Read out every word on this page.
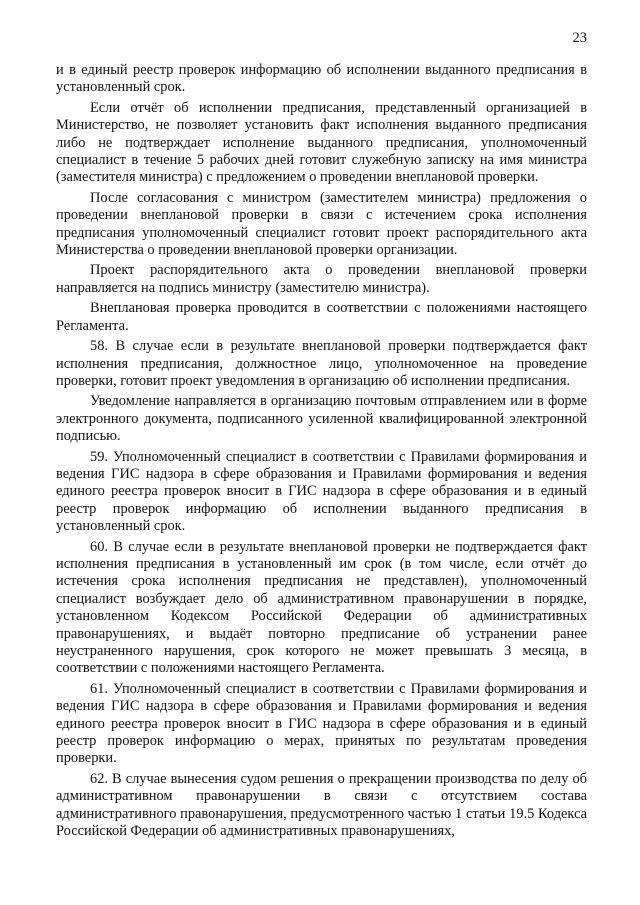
23

и в единый реестр проверок информацию об исполнении выданного предписания в установленный срок.

Если отчёт об исполнении предписания, представленный организацией в Министерство, не позволяет установить факт исполнения выданного предписания либо не подтверждает исполнение выданного предписания, уполномоченный специалист в течение 5 рабочих дней готовит служебную записку на имя министра (заместителя министра) с предложением о проведении внеплановой проверки.

После согласования с министром (заместителем министра) предложения о проведении внеплановой проверки в связи с истечением срока исполнения предписания уполномоченный специалист готовит проект распорядительного акта Министерства о проведении внеплановой проверки организации.

Проект распорядительного акта о проведении внеплановой проверки направляется на подпись министру (заместителю министра).

Внеплановая проверка проводится в соответствии с положениями настоящего Регламента.

58. В случае если в результате внеплановой проверки подтверждается факт исполнения предписания, должностное лицо, уполномоченное на проведение проверки, готовит проект уведомления в организацию об исполнении предписания.

Уведомление направляется в организацию почтовым отправлением или в форме электронного документа, подписанного усиленной квалифицированной электронной подписью.

59. Уполномоченный специалист в соответствии с Правилами формирования и ведения ГИС надзора в сфере образования и Правилами формирования и ведения единого реестра проверок вносит в ГИС надзора в сфере образования и в единый реестр проверок информацию об исполнении выданного предписания в установленный срок.

60. В случае если в результате внеплановой проверки не подтверждается факт исполнения предписания в установленный им срок (в том числе, если отчёт до истечения срока исполнения предписания не представлен), уполномоченный специалист возбуждает дело об административном правонарушении в порядке, установленном Кодексом Российской Федерации об административных правонарушениях, и выдаёт повторно предписание об устранении ранее неустраненного нарушения, срок которого не может превышать 3 месяца, в соответствии с положениями настоящего Регламента.

61. Уполномоченный специалист в соответствии с Правилами формирования и ведения ГИС надзора в сфере образования и Правилами формирования и ведения единого реестра проверок вносит в ГИС надзора в сфере образования и в единый реестр проверок информацию о мерах, принятых по результатам проведения проверки.

62. В случае вынесения судом решения о прекращении производства по делу об административном правонарушении в связи с отсутствием состава административного правонарушения, предусмотренного частью 1 статьи 19.5 Кодекса Российской Федерации об административных правонарушениях,
